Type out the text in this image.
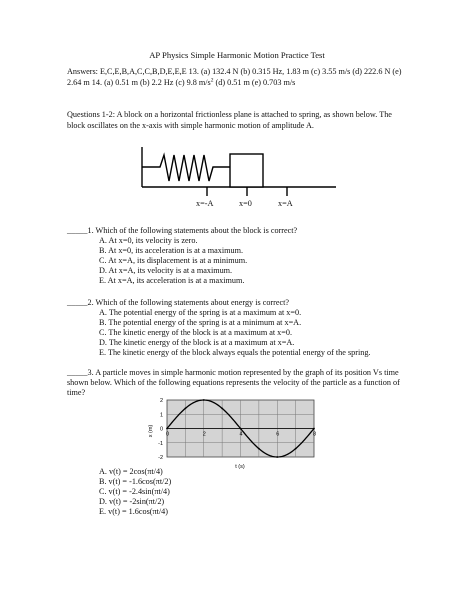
AP Physics Simple Harmonic Motion Practice Test
Answers: E,C,E,B,A,C,C,B,D,E,E,E 13. (a) 132.4 N (b) 0.315 Hz, 1.83 m (c) 3.55 m/s (d) 222.6 N (e)
2.64 m 14. (a) 0.51 m (b) 2.2 Hz (c) 9.8 $m/s^2$ (d) 0.51 m (e) 0.703 m/s
Questions 1-2: A block on a horizontal frictionless plane is attached to spring, as shown below. The
block oscillates on the x-axis with simple harmonic motion of amplitude A.
x=-A	x=0	x=A
_____1. Which of the following statements about the block is correct?
A. At x=0, its velocity is zero.
B. At x=0, its acceleration is at a maximum.
C. At x=A, its displacement is at a minimum.
D. At x=A, its velocity is at a maximum.
E. At x=A, its acceleration is at a maximum.
_____2. Which of the following statements about energy is correct?
A. The potential energy of the spring is at a maximum at x=0.
B. The potential energy of the spring is at a minimum at x=A.
C. The kinetic energy of the block is at a maximum at x=0.
D. The kinetic energy of the block is at a maximum at x=A.
E. The kinetic energy of the block always equals the potential energy of the spring.
_____3. A particle moves in simple harmonic motion represented by the graph of its position Vs time
shown below. Which of the following equations represents the velocity of the particle as a function of
time?
0	2	4	6	8
2
1
0
-1
-2
x (m)
t (s)
A. v(t) = 2cos(πt/4)
B. v(t) = -1.6cos(πt/2)
C. v(t) = -2.4sin(πt/4)
D. v(t) = -2sin(πt/2)
E. v(t) = 1.6cos(πt/4)
